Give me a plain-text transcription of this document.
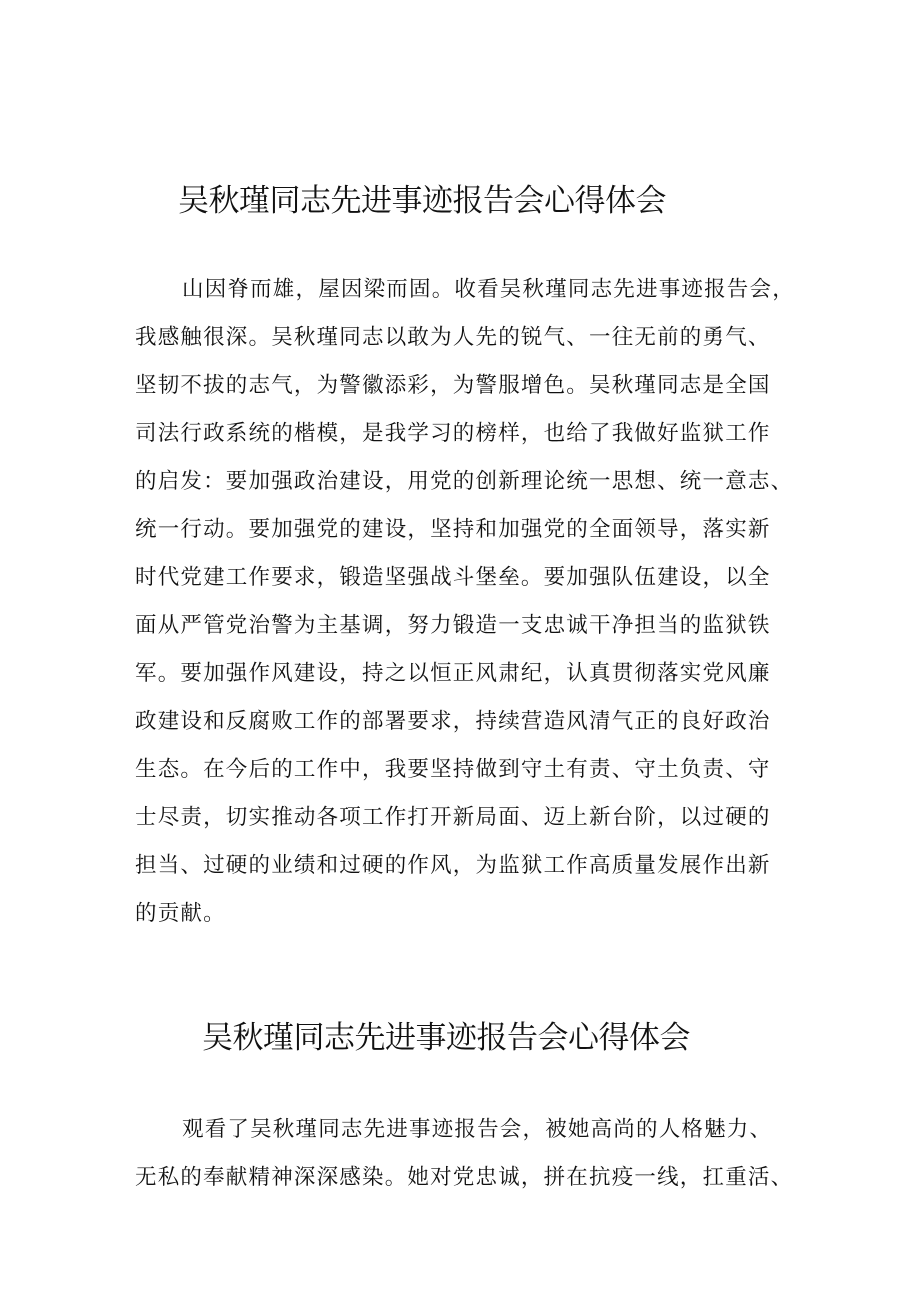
吴秋瑾同志先进事迹报告会心得体会
山因脊而雄，屋因梁而固。收看吴秋瑾同志先进事迹报告会，
我感触很深。吴秋瑾同志以敢为人先的锐气、一往无前的勇气、
坚韧不拔的志气，为警徽添彩，为警服增色。吴秋瑾同志是全国
司法行政系统的楷模，是我学习的榜样，也给了我做好监狱工作
的启发：要加强政治建设，用党的创新理论统一思想、统一意志、
统一行动。要加强党的建设，坚持和加强党的全面领导，落实新
时代党建工作要求，锻造坚强战斗堡垒。要加强队伍建设，以全
面从严管党治警为主基调，努力锻造一支忠诚干净担当的监狱铁
军。要加强作风建设，持之以恒正风肃纪，认真贯彻落实党风廉
政建设和反腐败工作的部署要求，持续营造风清气正的良好政治
生态。在今后的工作中，我要坚持做到守土有责、守土负责、守
士尽责，切实推动各项工作打开新局面、迈上新台阶，以过硬的
担当、过硬的业绩和过硬的作风，为监狱工作高质量发展作出新
的贡献。
吴秋瑾同志先进事迹报告会心得体会
观看了吴秋瑾同志先进事迹报告会，被她高尚的人格魅力、
无私的奉献精神深深感染。她对党忠诚，拼在抗疫一线，扛重活、
